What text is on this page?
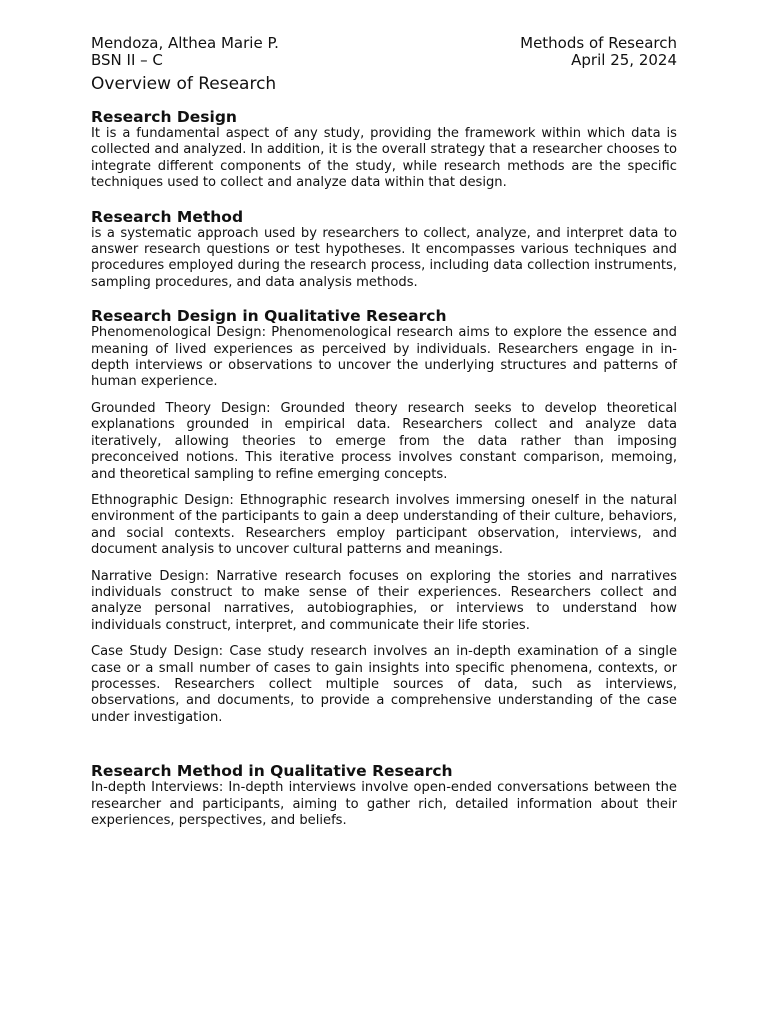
Mendoza, Althea Marie P.
BSN II – C
Methods of Research
April 25, 2024
Overview of Research
Research Design

It is a fundamental aspect of any study, providing the framework within which data is collected and analyzed. In addition, it is the overall strategy that a researcher chooses to integrate different components of the study, while research methods are the specific techniques used to collect and analyze data within that design.

Research Method

is a systematic approach used by researchers to collect, analyze, and interpret data to answer research questions or test hypotheses. It encompasses various techniques and procedures employed during the research process, including data collection instruments, sampling procedures, and data analysis methods.

Research Design in Qualitative Research

Phenomenological Design: Phenomenological research aims to explore the essence and meaning of lived experiences as perceived by individuals. Researchers engage in in-depth interviews or observations to uncover the underlying structures and patterns of human experience.

Grounded Theory Design: Grounded theory research seeks to develop theoretical explanations grounded in empirical data. Researchers collect and analyze data iteratively, allowing theories to emerge from the data rather than imposing preconceived notions. This iterative process involves constant comparison, memoing, and theoretical sampling to refine emerging concepts.

Ethnographic Design: Ethnographic research involves immersing oneself in the natural environment of the participants to gain a deep understanding of their culture, behaviors, and social contexts. Researchers employ participant observation, interviews, and document analysis to uncover cultural patterns and meanings.

Narrative Design: Narrative research focuses on exploring the stories and narratives individuals construct to make sense of their experiences. Researchers collect and analyze personal narratives, autobiographies, or interviews to understand how individuals construct, interpret, and communicate their life stories.

Case Study Design: Case study research involves an in-depth examination of a single case or a small number of cases to gain insights into specific phenomena, contexts, or processes. Researchers collect multiple sources of data, such as interviews, observations, and documents, to provide a comprehensive understanding of the case under investigation.

Research Method in Qualitative Research

In-depth Interviews: In-depth interviews involve open-ended conversations between the researcher and participants, aiming to gather rich, detailed information about their experiences, perspectives, and beliefs.
